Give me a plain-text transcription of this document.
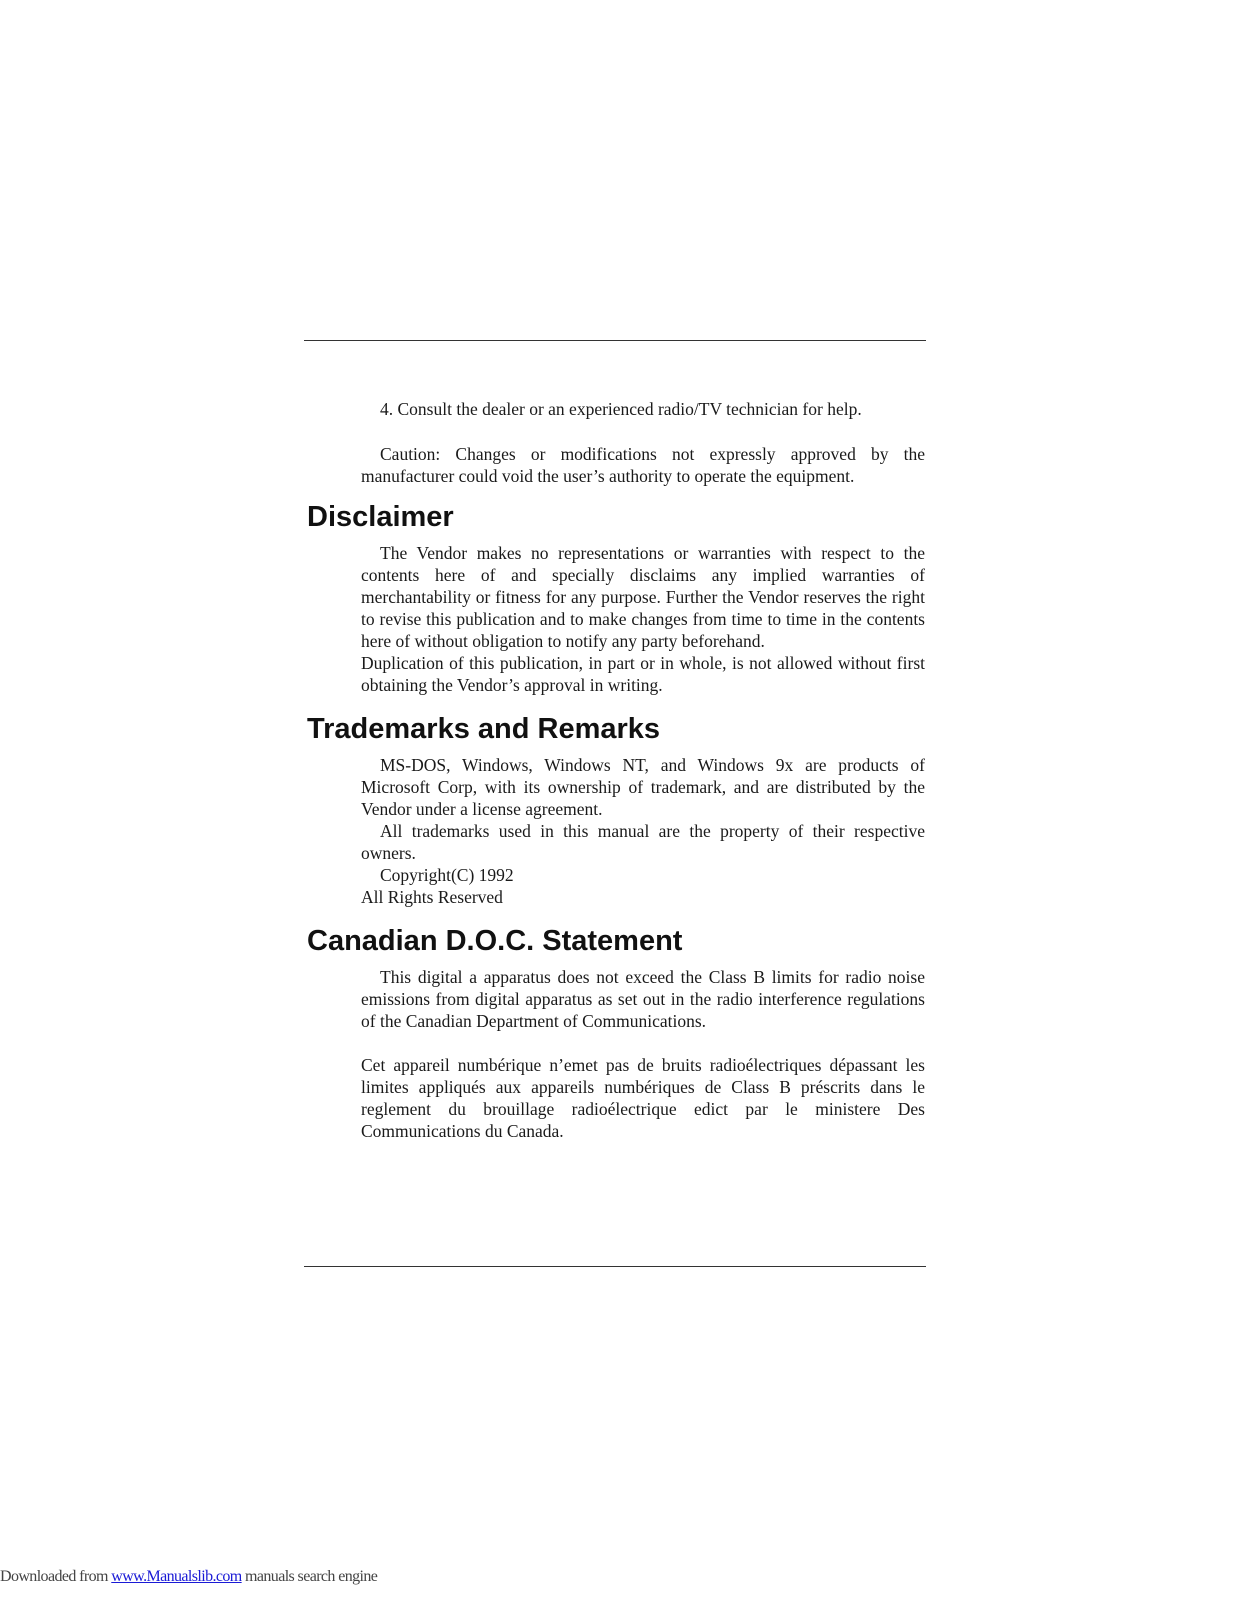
4. Consult the dealer or an experienced radio/TV technician for help.

Caution: Changes or modifications not expressly approved by the manufacturer could void the user’s authority to operate the equipment.

Disclaimer

The Vendor makes no representations or warranties with respect to the contents here of and specially disclaims any implied warranties of merchantability or fitness for any purpose. Further the Vendor reserves the right to revise this publication and to make changes from time to time in the contents here of without obligation to notify any party beforehand.

Duplication of this publication, in part or in whole, is not allowed without first obtaining the Vendor’s approval in writing.

Trademarks and Remarks

MS-DOS, Windows, Windows NT, and Windows 9x are products of Microsoft Corp, with its ownership of trademark, and are distributed by the Vendor under a license agreement.

All trademarks used in this manual are the property of their respective owners.

Copyright(C) 1992

All Rights Reserved

Canadian D.O.C. Statement

This digital a apparatus does not exceed the Class B limits for radio noise emissions from digital apparatus as set out in the radio interference regulations of the Canadian Department of Communications.

Cet appareil numbérique n’emet pas de bruits radioélectriques dépassant les limites appliqués aux appareils numbériques de Class B préscrits dans le reglement du brouillage radioélectrique edict par le ministere Des Communications du Canada.

Downloaded from www.Manualslib.com manuals search engine
